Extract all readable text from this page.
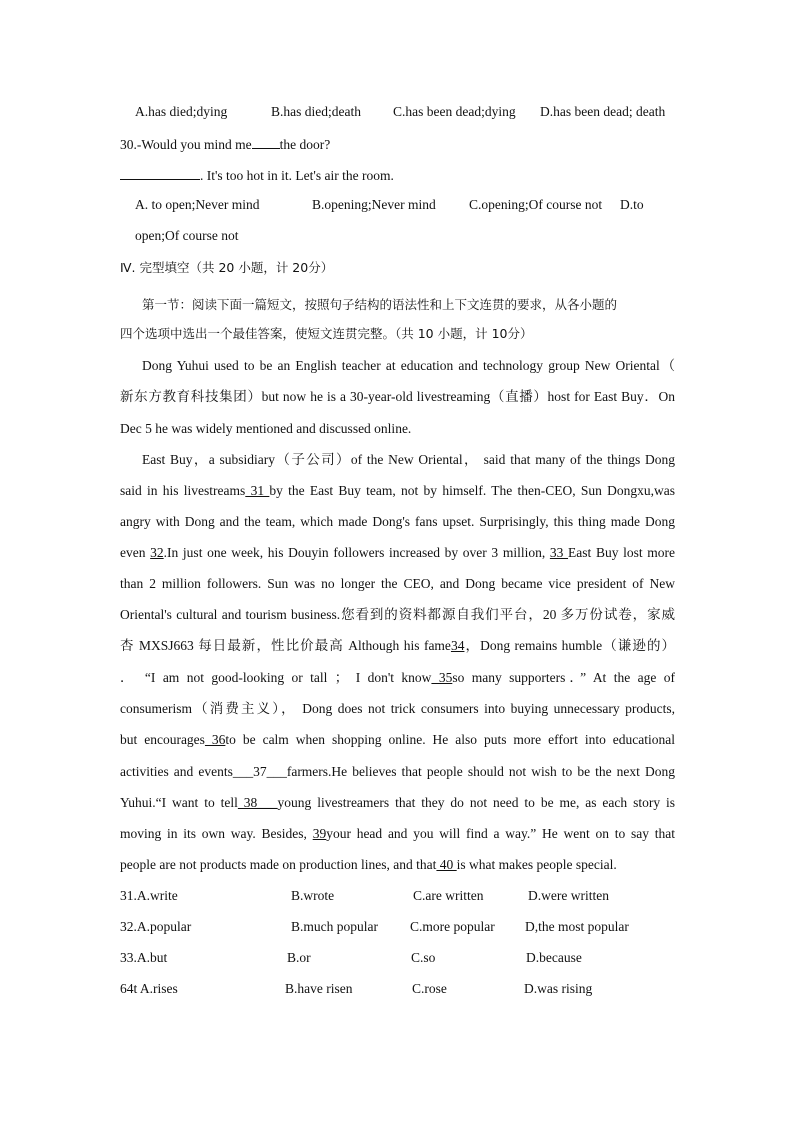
A.has died;dying	B.has died;death C.has been dead;dying D.has been dead; death
30.-Would you mind me the door?
. It's too hot in it. Let's air the room.
A. to open;Never mind	B.opening;Never mind C.opening;Of course not D.to
open;Of course not
Ⅳ. 完型填空（共 20 小题，计 20分）
第一节：阅读下面一篇短文，按照句子结构的语法性和上下文连贯的要求，从各小题的
四个选项中选出一个最佳答案，使短文连贯完整。（共 10 小题，计 10分）
Dong Yuhui used to be an English teacher at education and technology group New Oriental（
新东方教育科技集团）but now he is a 30-year-old livestreaming（直播）host for East Buy．On
Dec 5 he was widely mentioned and discussed online.
East Buy，a subsidiary（子公司）of the New Oriental， said that many of the things Dong
said in his livestreams 31 by the East Buy team, not by himself. The then-CEO, Sun Dongxu,was
angry with Dong and the team, which made Dong's fans upset. Surprisingly, this thing made Dong
even 32.In just one week, his Douyin followers increased by over 3 million, 33 East Buy lost more
than 2 million followers. Sun was no longer the CEO, and Dong became vice president of New
Oriental's cultural and tourism business.您看到的资料都源自我们平台，20 多万份试卷，家威
杏 MXSJ663 每日最新，性比价最高 Although his fame34，Dong remains humble（谦逊的）
． “I am not good-looking or tall ； I don't know 35so many supporters．” At the age of
consumerism（消费主义）， Dong does not trick consumers into buying unnecessary products,
but encourages 36to be calm when shopping online. He also puts more effort into educational
activities and events___37___farmers.He believes that people should not wish to be the next Dong
Yuhui.“I want to tell 38___young livestreamers that they do not need to be me, as each story is
moving in its own way. Besides, 39your head and you will find a way.” He went on to say that
people are not products made on production lines, and that 40 is what makes people special.
31.A.write	B.wrote	C.are written	D.were written
32.A.popular	B.much popular C.more popular D,the most popular
33.A.but	B.or	C.so	D.because
64t A.rises	B.have risen	C.rose	D.was rising
